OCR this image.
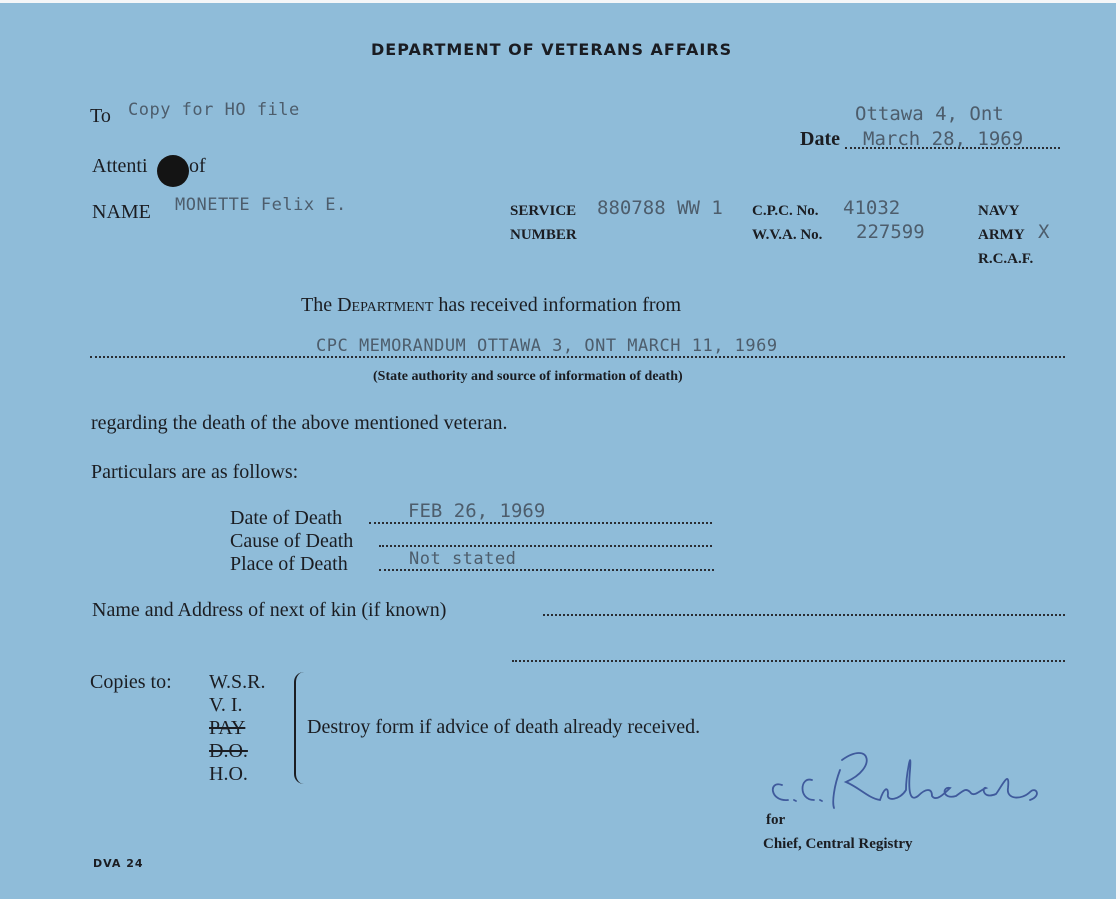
DEPARTMENT OF VETERANS AFFAIRS
To Copy for HO file	Ottawa 4, Ont
Date March 28, 1969
Attenti of
NAME MONETTE Felix E.	SERVICE
NUMBER
880788 WW 1 C.P.C. No. 41032
W.V.A. No. 227599
NAVY
ARMY X
R.C.A.F.
The Department has received information from
CPC MEMORANDUM OTTAWA 3, ONT MARCH 11, 1969
(State authority and source of information of death)
regarding the death of the above mentioned veteran.
Particulars are as follows:
Date of Death	FEB 26, 1969
Cause of Death
Place of Death	Not stated
Name and Address of next of kin (if known)
Copies to: W.S.R.
V. I.
PAY
D.O.
H.O.
Destroy form if advice of death already received.
for
Chief, Central Registry
DVA 24
